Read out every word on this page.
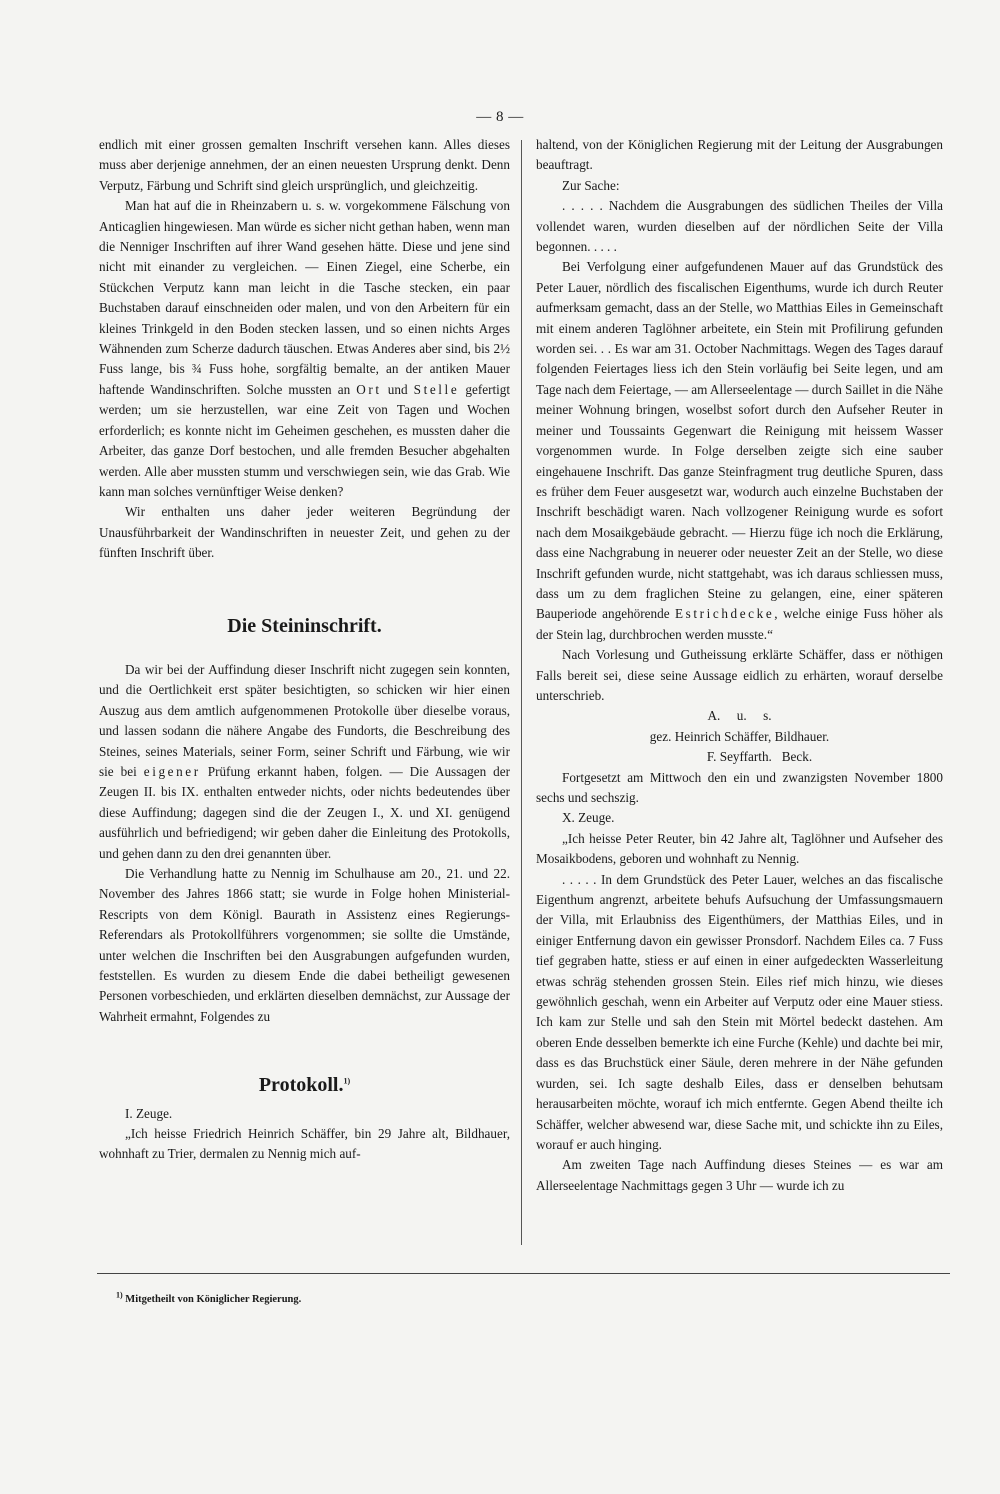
— 8 —

endlich mit einer grossen gemalten Inschrift versehen kann. Alles dieses muss aber derjenige annehmen, der an einen neuesten Ursprung denkt. Denn Verputz, Färbung und Schrift sind gleich ursprünglich, und gleichzeitig.

Man hat auf die in Rheinzabern u. s. w. vorgekommene Fälschung von Anticaglien hingewiesen. Man würde es sicher nicht gethan haben, wenn man die Nenniger Inschriften auf ihrer Wand gesehen hätte. Diese und jene sind nicht mit einander zu vergleichen. — Einen Ziegel, eine Scherbe, ein Stückchen Verputz kann man leicht in die Tasche stecken, ein paar Buchstaben darauf einschneiden oder malen, und von den Arbeitern für ein kleines Trinkgeld in den Boden stecken lassen, und so einen nichts Arges Wähnenden zum Scherze dadurch täuschen. Etwas Anderes aber sind, bis 2½ Fuss lange, bis ¾ Fuss hohe, sorgfältig bemalte, an der antiken Mauer haftende Wandinschriften. Solche mussten an Ort und Stelle gefertigt werden; um sie herzustellen, war eine Zeit von Tagen und Wochen erforderlich; es konnte nicht im Geheimen geschehen, es mussten daher die Arbeiter, das ganze Dorf bestochen, und alle fremden Besucher abgehalten werden. Alle aber mussten stumm und verschwiegen sein, wie das Grab. Wie kann man solches vernünftiger Weise denken?

Wir enthalten uns daher jeder weiteren Begründung der Unausführbarkeit der Wandinschriften in neuester Zeit, und gehen zu der fünften Inschrift über.

Die Steininschrift.

Da wir bei der Auffindung dieser Inschrift nicht zugegen sein konnten, und die Oertlichkeit erst später besichtigten, so schicken wir hier einen Auszug aus dem amtlich aufgenommenen Protokolle über dieselbe voraus, und lassen sodann die nähere Angabe des Fundorts, die Beschreibung des Steines, seines Materials, seiner Form, seiner Schrift und Färbung, wie wir sie bei eigener Prüfung erkannt haben, folgen. — Die Aussagen der Zeugen II. bis IX. enthalten entweder nichts, oder nichts bedeutendes über diese Auffindung; dagegen sind die der Zeugen I., X. und XI. genügend ausführlich und befriedigend; wir geben daher die Einleitung des Protokolls, und gehen dann zu den drei genannten über.

Die Verhandlung hatte zu Nennig im Schulhause am 20., 21. und 22. November des Jahres 1866 statt; sie wurde in Folge hohen Ministerial-Rescripts von dem Königl. Baurath in Assistenz eines Regierungs-Referendars als Protokollführers vorgenommen; sie sollte die Umstände, unter welchen die Inschriften bei den Ausgrabungen aufgefunden wurden, feststellen. Es wurden zu diesem Ende die dabei betheiligt gewesenen Personen vorbeschieden, und erklärten dieselben demnächst, zur Aussage der Wahrheit ermahnt, Folgendes zu

Protokoll.$^{1)}$

I. Zeuge.

„Ich heisse Friedrich Heinrich Schäffer, bin 29 Jahre alt, Bildhauer, wohnhaft zu Trier, dermalen zu Nennig mich auf-

haltend, von der Königlichen Regierung mit der Leitung der Ausgrabungen beauftragt.

Zur Sache:

. . . . . Nachdem die Ausgrabungen des südlichen Theiles der Villa vollendet waren, wurden dieselben auf der nördlichen Seite der Villa begonnen. . . . .

Bei Verfolgung einer aufgefundenen Mauer auf das Grundstück des Peter Lauer, nördlich des fiscalischen Eigenthums, wurde ich durch Reuter aufmerksam gemacht, dass an der Stelle, wo Matthias Eiles in Gemeinschaft mit einem anderen Taglöhner arbeitete, ein Stein mit Profilirung gefunden worden sei. . . Es war am 31. October Nachmittags. Wegen des Tages darauf folgenden Feiertages liess ich den Stein vorläufig bei Seite legen, und am Tage nach dem Feiertage, — am Allerseelentage — durch Saillet in die Nähe meiner Wohnung bringen, woselbst sofort durch den Aufseher Reuter in meiner und Toussaints Gegenwart die Reinigung mit heissem Wasser vorgenommen wurde. In Folge derselben zeigte sich eine sauber eingehauene Inschrift. Das ganze Steinfragment trug deutliche Spuren, dass es früher dem Feuer ausgesetzt war, wodurch auch einzelne Buchstaben der Inschrift beschädigt waren. Nach vollzogener Reinigung wurde es sofort nach dem Mosaikgebäude gebracht. — Hierzu füge ich noch die Erklärung, dass eine Nachgrabung in neuerer oder neuester Zeit an der Stelle, wo diese Inschrift gefunden wurde, nicht stattgehabt, was ich daraus schliessen muss, dass um zu dem fraglichen Steine zu gelangen, eine, einer späteren Bauperiode angehörende Estrichdecke, welche einige Fuss höher als der Stein lag, durchbrochen werden musste.“

Nach Vorlesung und Gutheissung erklärte Schäffer, dass er nöthigen Falls bereit sei, diese seine Aussage eidlich zu erhärten, worauf derselbe unterschrieb.

A.     u.     s.

gez. Heinrich Schäffer, Bildhauer.

F. Seyffarth.   Beck.

Fortgesetzt am Mittwoch den ein und zwanzigsten November 1800 sechs und sechszig.

X. Zeuge.

„Ich heisse Peter Reuter, bin 42 Jahre alt, Taglöhner und Aufseher des Mosaikbodens, geboren und wohnhaft zu Nennig.

. . . . . In dem Grundstück des Peter Lauer, welches an das fiscalische Eigenthum angrenzt, arbeitete behufs Aufsuchung der Umfassungsmauern der Villa, mit Erlaubniss des Eigenthümers, der Matthias Eiles, und in einiger Entfernung davon ein gewisser Pronsdorf. Nachdem Eiles ca. 7 Fuss tief gegraben hatte, stiess er auf einen in einer aufgedeckten Wasserleitung etwas schräg stehenden grossen Stein. Eiles rief mich hinzu, wie dieses gewöhnlich geschah, wenn ein Arbeiter auf Verputz oder eine Mauer stiess. Ich kam zur Stelle und sah den Stein mit Mörtel bedeckt dastehen. Am oberen Ende desselben bemerkte ich eine Furche (Kehle) und dachte bei mir, dass es das Bruchstück einer Säule, deren mehrere in der Nähe gefunden wurden, sei. Ich sagte deshalb Eiles, dass er denselben behutsam herausarbeiten möchte, worauf ich mich entfernte. Gegen Abend theilte ich Schäffer, welcher abwesend war, diese Sache mit, und schickte ihn zu Eiles, worauf er auch hinging.

Am zweiten Tage nach Auffindung dieses Steines — es war am Allerseelentage Nachmittags gegen 3 Uhr — wurde ich zu

$^{1)}$ Mitgetheilt von Königlicher Regierung.
